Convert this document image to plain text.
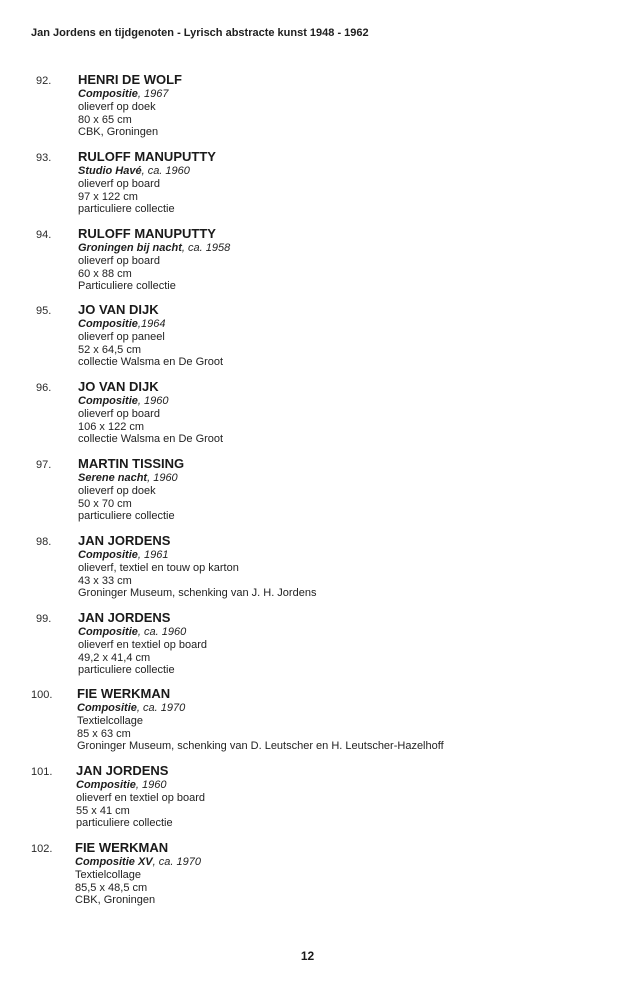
Jan Jordens en tijdgenoten - Lyrisch abstracte kunst 1948 - 1962
92. HENRI DE WOLF
Compositie, 1967
olieverf op doek
80 x 65 cm
CBK, Groningen
93. RULOFF MANUPUTTY
Studio Havé, ca. 1960
olieverf op board
97 x 122 cm
particuliere collectie
94. RULOFF MANUPUTTY
Groningen bij nacht, ca. 1958
olieverf op board
60 x 88 cm
Particuliere collectie
95. JO VAN DIJK
Compositie,1964
olieverf op paneel
52 x 64,5 cm
collectie Walsma en De Groot
96. JO VAN DIJK
Compositie, 1960
olieverf op board
106 x 122 cm
collectie Walsma en De Groot
97. MARTIN TISSING
Serene nacht, 1960
olieverf op doek
50 x 70 cm
particuliere collectie
98. JAN JORDENS
Compositie, 1961
olieverf, textiel en touw op karton
43 x 33 cm
Groninger Museum, schenking van J. H. Jordens
99. JAN JORDENS
Compositie, ca. 1960
olieverf en textiel op board
49,2 x 41,4 cm
particuliere collectie
100. FIE WERKMAN
Compositie, ca. 1970
Textielcollage
85 x 63 cm
Groninger Museum, schenking van D. Leutscher en H. Leutscher-Hazelhoff
101. JAN JORDENS
Compositie, 1960
olieverf en textiel op board
55 x 41 cm
particuliere collectie
102. FIE WERKMAN
Compositie XV, ca. 1970
Textielcollage
85,5 x 48,5 cm
CBK, Groningen
12
